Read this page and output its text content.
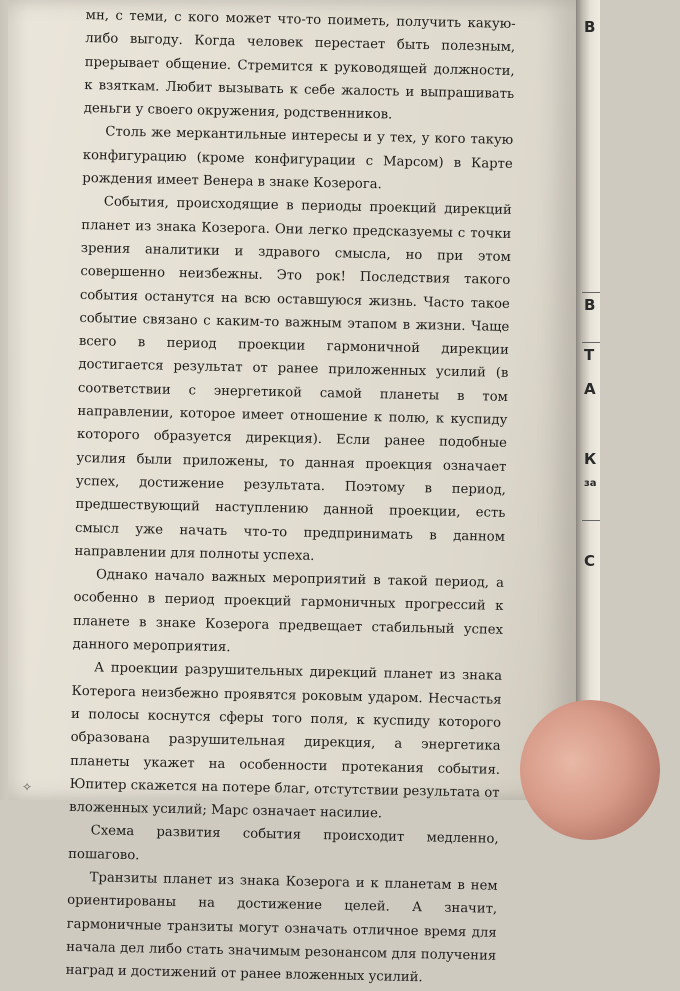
В
В
Т
А
К
за
С

мн, с теми, с кого может что-то поиметь, получить какую-либо выгоду. Когда человек перестает быть полезным, прерывает общение. Стремится к руководящей должности, к взяткам. Любит вызывать к себе жалость и выпрашивать деньги у своего окружения, родственников.

Столь же меркантильные интересы и у тех, у кого такую конфигурацию (кроме конфигурации с Марсом) в Карте рождения имеет Венера в знаке Козерога.

События, происходящие в периоды проекций дирекций планет из знака Козерога. Они легко предсказуемы с точки зрения аналитики и здравого смысла, но при этом совершенно неизбежны. Это рок! Последствия такого события останутся на всю оставшуюся жизнь. Часто такое событие связано с каким-то важным этапом в жизни. Чаще всего в период проекции гармоничной дирекции достигается результат от ранее приложенных усилий (в соответствии с энергетикой самой планеты в том направлении, которое имеет отношение к полю, к куспиду которого образуется дирекция). Если ранее подобные усилия были приложены, то данная проекция означает успех, достижение результата. Поэтому в период, предшествующий наступлению данной проекции, есть смысл уже начать что-то предпринимать в данном направлении для полноты успеха.

Однако начало важных мероприятий в такой период, а особенно в период проекций гармоничных прогрессий к планете в знаке Козерога предвещает стабильный успех данного мероприятия.

А проекции разрушительных дирекций планет из знака Котерога неизбежно проявятся роковым ударом. Несчастья и полосы коснутся сферы того поля, к куспиду которого образована разрушительная дирекция, а энергетика планеты укажет на особенности протекания события. Юпитер скажется на потере благ, отстутствии результата от вложенных усилий; Марс означает насилие.

Схема развития события происходит медленно, пошагово.

Транзиты планет из знака Козерога и к планетам в нем ориентированы на достижение целей. А значит, гармоничные транзиты могут означать отличное время для начала дел либо стать значимым резонансом для получения наград и достижений от ранее вложенных усилий.

✧
